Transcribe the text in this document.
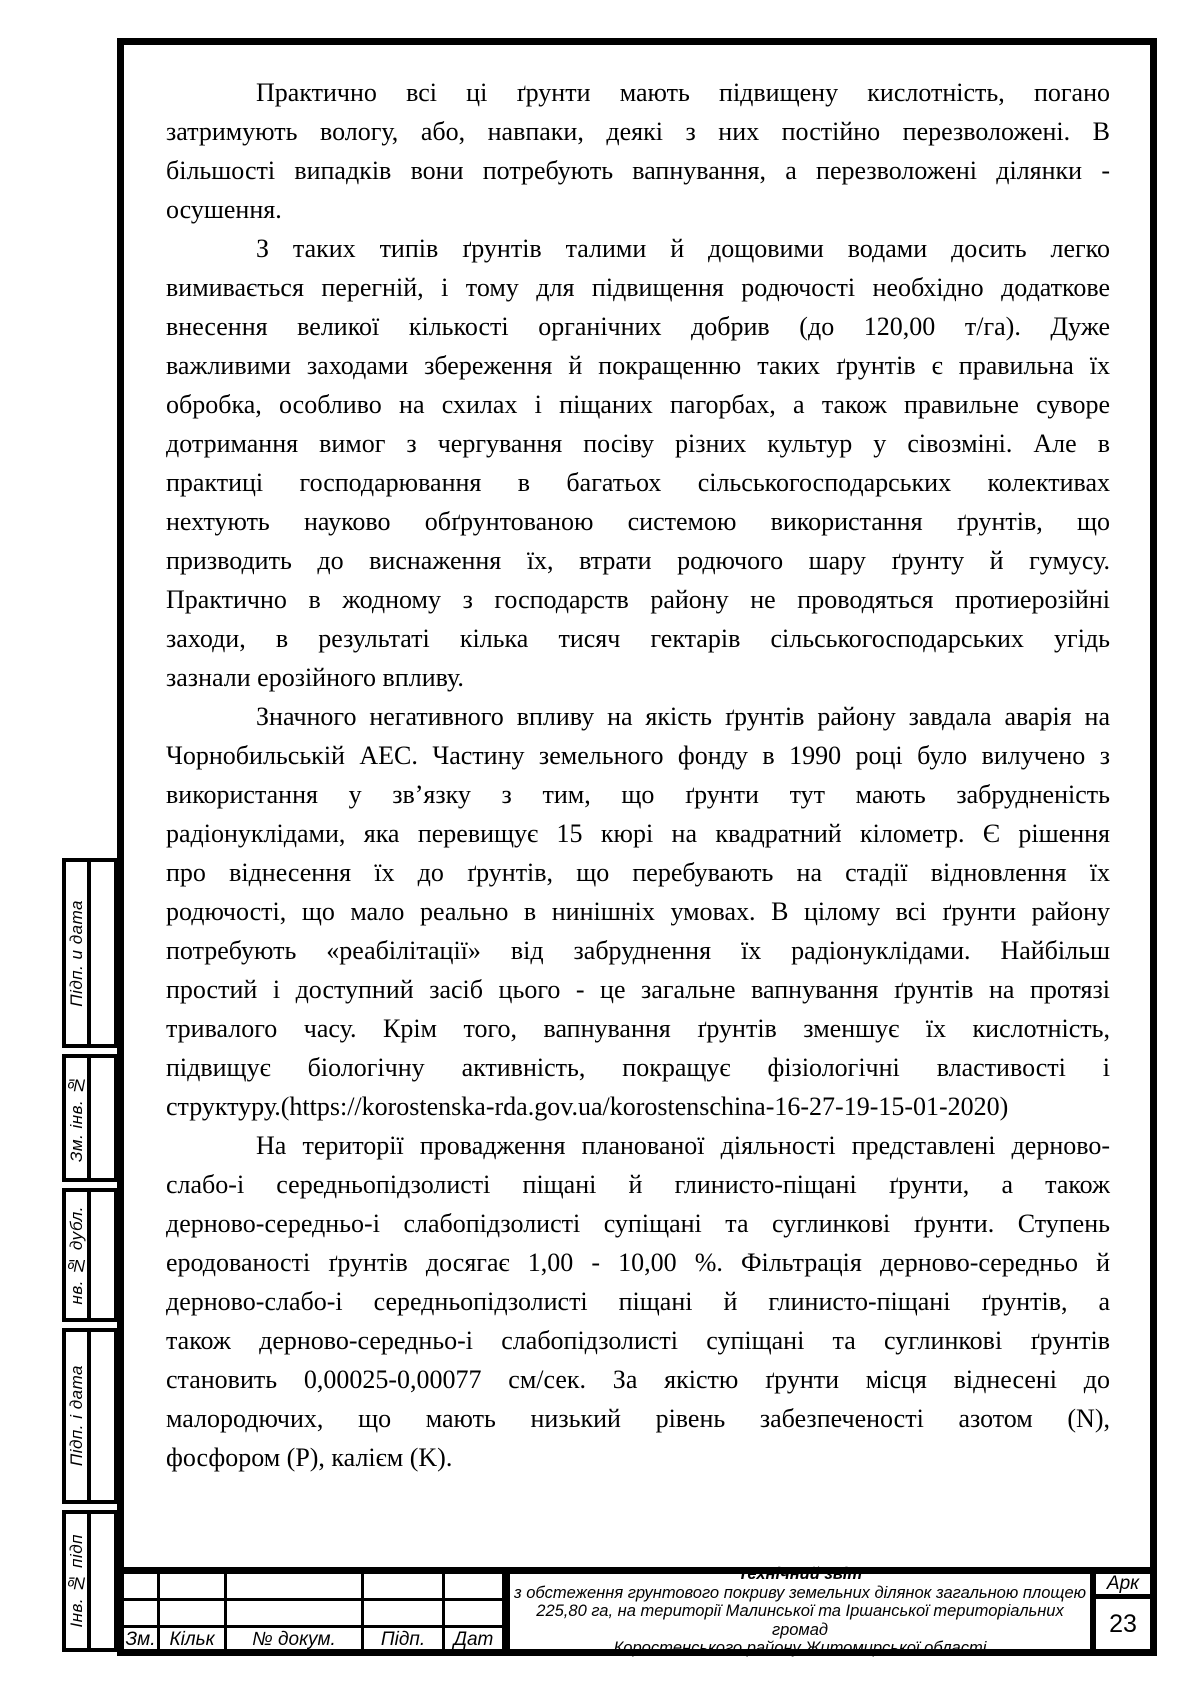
Підп. и дата
Зм. інв. №
нв. № дубл.
Підп. і дата
Інв. № підп
Практично всі ці ґрунти мають підвищену кислотність, погано
затримують вологу, або, навпаки, деякі з них постійно перезволожені. В
більшості випадків вони потребують вапнування, а перезволожені ділянки -
осушення.
З таких типів ґрунтів талими й дощовими водами досить легко
вимивається перегній, і тому для підвищення родючості необхідно додаткове
внесення великої кількості органічних добрив (до 120,00 т/га). Дуже
важливими заходами збереження й покращенню таких ґрунтів є правильна їх
обробка, особливо на схилах і піщаних пагорбах, а також правильне суворе
дотримання вимог з чергування посіву різних культур у сівозміні. Але в
практиці господарювання в багатьох сільськогосподарських колективах
нехтують науково обґрунтованою системою використання ґрунтів, що
призводить до виснаження їх, втрати родючого шару ґрунту й гумусу.
Практично в жодному з господарств району не проводяться протиерозійні
заходи, в результаті кілька тисяч гектарів сільськогосподарських угідь
зазнали ерозійного впливу.
Значного негативного впливу на якість ґрунтів району завдала аварія на
Чорнобильській АЕС. Частину земельного фонду в 1990 році було вилучено з
використання у зв’язку з тим, що ґрунти тут мають забрудненість
радіонуклідами, яка перевищує 15 кюрі на квадратний кілометр. Є рішення
про віднесення їх до ґрунтів, що перебувають на стадії відновлення їх
родючості, що мало реально в нинішніх умовах. В цілому всі ґрунти району
потребують «реабілітації» від забруднення їх радіонуклідами. Найбільш
простий і доступний засіб цього - це загальне вапнування ґрунтів на протязі
тривалого часу. Крім того, вапнування ґрунтів зменшує їх кислотність,
підвищує біологічну активність, покращує фізіологічні властивості і
структуру.(https://korostenska-rda.gov.ua/korostenschina-16-27-19-15-01-2020)
На території провадження планованої діяльності представлені дерново-
слабо-і середньопідзолисті піщані й глинисто-піщані ґрунти, а також
дерново-середньо-і слабопідзолисті супіщані та суглинкові ґрунти. Ступень
еродованості ґрунтів досягає 1,00 - 10,00 %. Фільтрація дерново-середньо й
дерново-слабо-і середньопідзолисті піщані й глинисто-піщані ґрунтів, а
також дерново-середньо-і слабопідзолисті супіщані та суглинкові ґрунтів
становить 0,00025-0,00077 см/сек. За якістю ґрунти місця віднесені до
малородючих, що мають низький рівень забезпеченості азотом (N),
фосфором (P), калієм (K).

Зм.	Кільк	№ докум.	Підп.	Дат
Технічний звіт
з обстеження грунтового покриву земельних ділянок загальною площею
225,80 га, на території Малинської та Іршанської територіальних громад
Коростенського району Житомирської області
Арк
23
